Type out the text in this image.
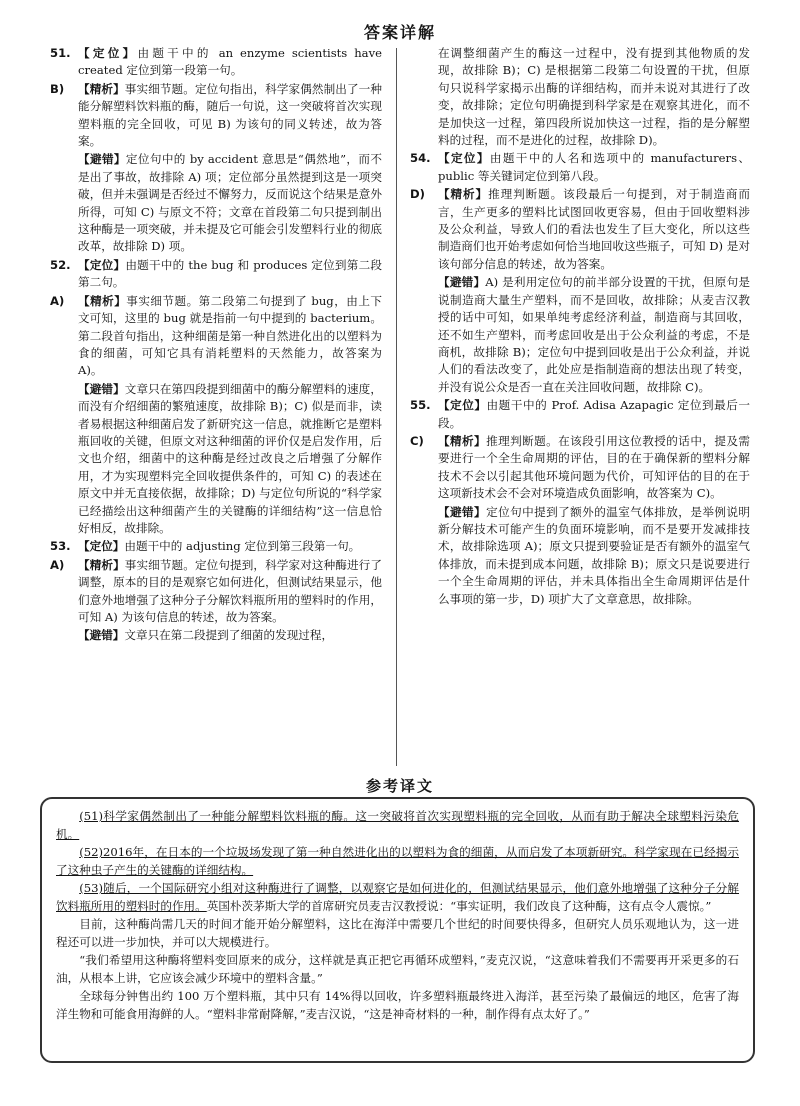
答案详解
51. 【定位】由题干中的 an enzyme scientists have created 定位到第一段第一句。
B)	【精析】事实细节题。定位句指出，科学家偶然制出了一种能分解塑料饮料瓶的酶，随后一句说，这一突破将首次实现塑料瓶的完全回收，可见 B) 为该句的同义转述，故为答案。
【避错】定位句中的 by accident 意思是“偶然地”，而不是出了事故，故排除 A) 项；定位部分虽然提到这是一项突破，但并未强调是否经过不懈努力，反而说这个结果是意外所得，可知 C) 与原文不符；文章在首段第二句只提到制出这种酶是一项突破，并未提及它可能会引发塑料行业的彻底改革，故排除 D) 项。
52. 【定位】由题干中的 the bug 和 produces 定位到第二段第二句。
A)	【精析】事实细节题。第二段第二句提到了 bug，由上下文可知，这里的 bug 就是指前一句中提到的 bacterium。第二段首句指出，这种细菌是第一种自然进化出的以塑料为食的细菌，可知它具有消耗塑料的天然能力，故答案为 A)。
【避错】文章只在第四段提到细菌中的酶分解塑料的速度，而没有介绍细菌的繁殖速度，故排除 B)；C) 似是而非，读者易根据这种细菌启发了新研究这一信息，就推断它是塑料瓶回收的关键，但原文对这种细菌的评价仅是启发作用，后文也介绍，细菌中的这种酶是经过改良之后增强了分解作用，才为实现塑料完全回收提供条件的，可知 C) 的表述在原文中并无直接依据，故排除；D) 与定位句所说的“科学家已经描绘出这种细菌产生的关键酶的详细结构”这一信息恰好相反，故排除。
53. 【定位】由题干中的 adjusting 定位到第三段第一句。
A)	【精析】事实细节题。定位句提到，科学家对这种酶进行了调整，原本的目的是观察它如何进化，但测试结果显示，他们意外地增强了这种分子分解饮料瓶所用的塑料时的作用，可知 A) 为该句信息的转述，故为答案。
【避错】文章只在第二段提到了细菌的发现过程，
在调整细菌产生的酶这一过程中，没有提到其他物质的发现，故排除 B)；C) 是根据第二段第二句设置的干扰，但原句只说科学家揭示出酶的详细结构，而并未说对其进行了改变，故排除；定位句明确提到科学家是在观察其进化，而不是加快这一过程，第四段所说加快这一过程，指的是分解塑料的过程，而不是进化的过程，故排除 D)。
54. 【定位】由题干中的人名和选项中的 manufacturers、public 等关键词定位到第八段。
D)	【精析】推理判断题。该段最后一句提到，对于制造商而言，生产更多的塑料比试图回收更容易，但由于回收塑料涉及公众利益，导致人们的看法也发生了巨大变化，所以这些制造商们也开始考虑如何恰当地回收这些瓶子，可知 D) 是对该句部分信息的转述，故为答案。
【避错】A) 是利用定位句的前半部分设置的干扰，但原句是说制造商大量生产塑料，而不是回收，故排除；从麦吉汉教授的话中可知，如果单纯考虑经济利益，制造商与其回收，还不如生产塑料，而考虑回收是出于公众利益的考虑，不是商机，故排除 B)；定位句中提到回收是出于公众利益，并说人们的看法改变了，此处应是指制造商的想法出现了转变，并没有说公众是否一直在关注回收问题，故排除 C)。
55. 【定位】由题干中的 Prof. Adisa Azapagic 定位到最后一段。
C)	【精析】推理判断题。在该段引用这位教授的话中，提及需要进行一个全生命周期的评估，目的在于确保新的塑料分解技术不会以引起其他环境问题为代价，可知评估的目的在于这项新技术会不会对环境造成负面影响，故答案为 C)。
【避错】定位句中提到了额外的温室气体排放，是举例说明新分解技术可能产生的负面环境影响，而不是要开发减排技术，故排除选项 A)；原文只提到要验证是否有额外的温室气体排放，而未提到成本问题，故排除 B)；原文只是说要进行一个全生命周期的评估，并未具体指出全生命周期评估是什么事项的第一步，D) 项扩大了文章意思，故排除。
参考译文

(51)科学家偶然制出了一种能分解塑料饮料瓶的酶。这一突破将首次实现塑料瓶的完全回收，从而有助于解决全球塑料污染危机。

(52)2016年，在日本的一个垃圾场发现了第一种自然进化出的以塑料为食的细菌，从而启发了本项新研究。科学家现在已经揭示了这种虫子产生的关键酶的详细结构。

(53)随后，一个国际研究小组对这种酶进行了调整，以观察它是如何进化的，但测试结果显示，他们意外地增强了这种分子分解饮料瓶所用的塑料时的作用。英国朴茨茅斯大学的首席研究员麦吉汉教授说：“事实证明，我们改良了这种酶，这有点令人震惊。”

目前，这种酶尚需几天的时间才能开始分解塑料，这比在海洋中需要几个世纪的时间要快得多，但研究人员乐观地认为，这一进程还可以进一步加快，并可以大规模进行。

“我们希望用这种酶将塑料变回原来的成分，这样就是真正把它再循环成塑料，”麦克汉说，“这意味着我们不需要再开采更多的石油，从根本上讲，它应该会减少环境中的塑料含量。”

全球每分钟售出约 100 万个塑料瓶，其中只有 14%得以回收，许多塑料瓶最终进入海洋，甚至污染了最偏远的地区，危害了海洋生物和可能食用海鲜的人。“塑料非常耐降解，”麦吉汉说，“这是神奇材料的一种，制作得有点太好了。”
